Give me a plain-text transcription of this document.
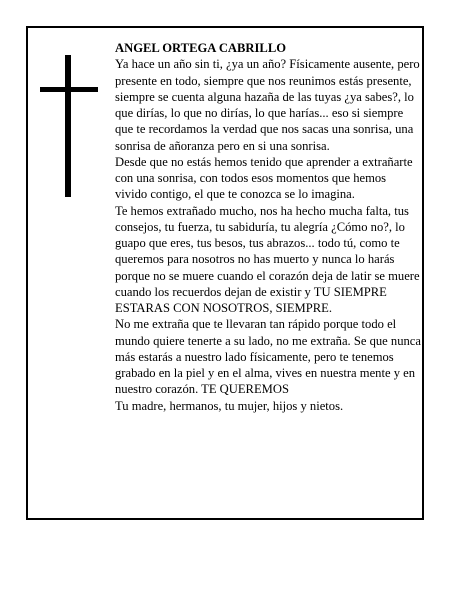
ANGEL ORTEGA CABRILLO

Ya hace un año sin ti, ¿ya un año? Físicamente ausente, pero presente en todo, siempre que nos reunimos estás presente, siempre se cuenta alguna hazaña de las tuyas ¿ya sabes?, lo que dirías, lo que no dirías, lo que harías... eso si siempre que te recordamos la verdad que nos sacas una sonrisa, una sonrisa de añoranza pero en si una sonrisa.

Desde que no estás hemos tenido que aprender a extrañarte con una sonrisa, con todos esos momentos que hemos vivido contigo, el que te conozca se lo imagina.

Te hemos extrañado mucho, nos ha hecho mucha falta, tus consejos, tu fuerza, tu sabiduría, tu alegría ¿Cómo no?, lo guapo que eres, tus besos, tus abrazos... todo tú, como te queremos para nosotros no has muerto y nunca lo harás porque no se muere cuando el corazón deja de latir se muere cuando los recuerdos dejan de existir y TU SIEMPRE ESTARAS CON NOSOTROS, SIEMPRE.

No me extraña que te llevaran tan rápido porque todo el mundo quiere tenerte a su lado, no me extraña. Se que nunca más estarás a nuestro lado físicamente, pero te tenemos grabado en la piel y en el alma, vives en nuestra mente y en nuestro corazón. TE QUEREMOS

Tu madre, hermanos, tu mujer, hijos y nietos.
